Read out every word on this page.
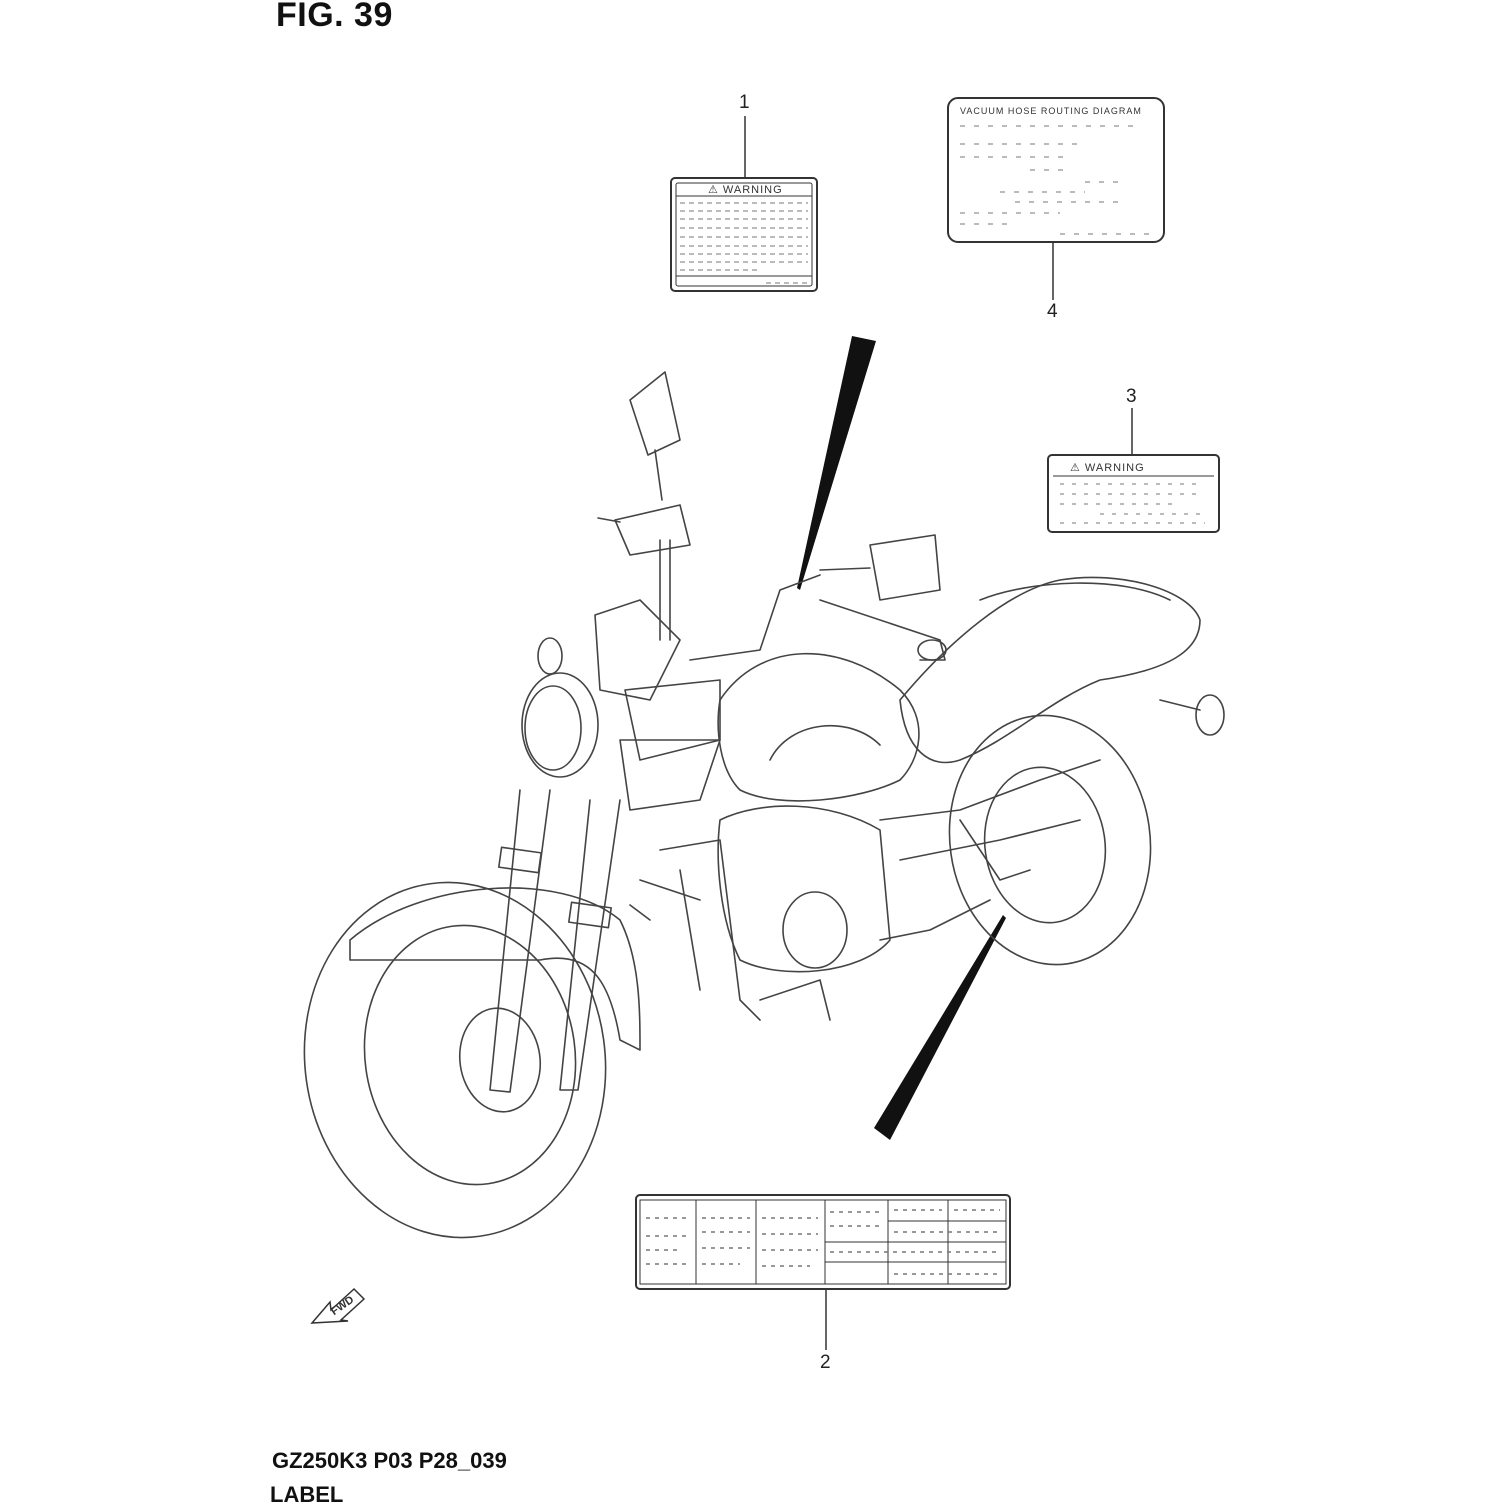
FIG. 39
⚠ WARNING
VACUUM HOSE ROUTING DIAGRAM
⚠ WARNING
FWD
1
4
3
2
GZ250K3 P03 P28_039
LABEL
